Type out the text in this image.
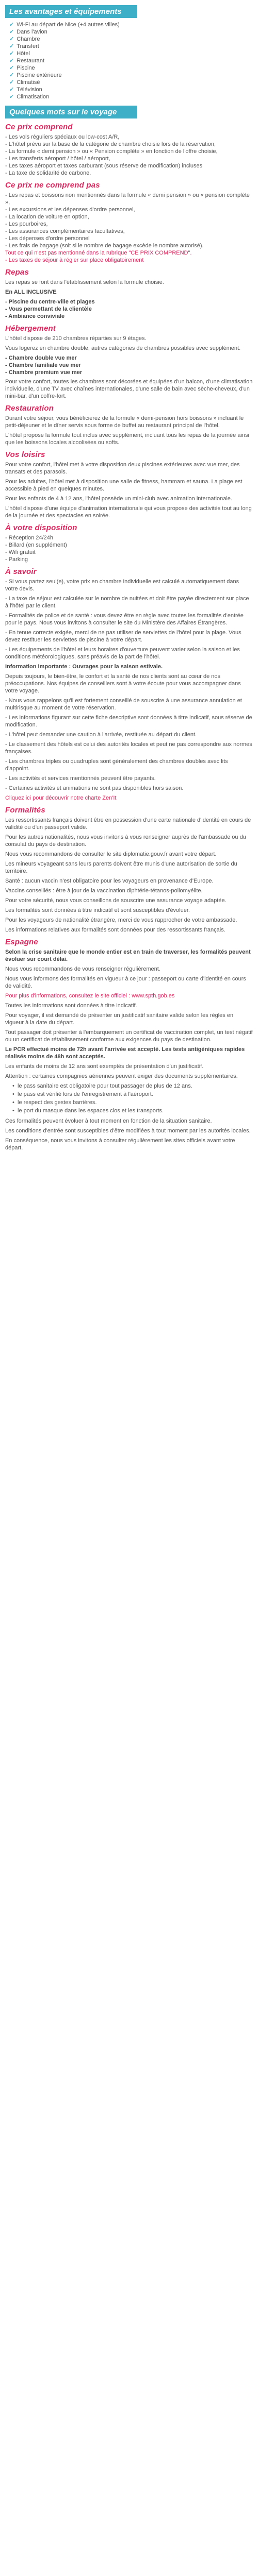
Les avantages et équipements
✓ Wi-Fi au départ de Nice (+4 autres villes)
✓ Dans l'avion
✓ Chambre
✓ Transfert
✓ Hôtel
✓ Restaurant
✓ Piscine
✓ Piscine extérieure
✓ Climatisé
✓ Télévision
✓ Climatisation
Quelques mots sur le voyage
Ce prix comprend

- Les vols réguliers spéciaux ou low-cost A/R,

- L'hôtel prévu sur la base de la catégorie de chambre choisie lors de la réservation,

- La formule « demi pension » ou « Pension complète » en fonction de l'offre choisie,

- Les transferts aéroport / hôtel / aéroport,

- Les taxes aéroport et taxes carburant (sous réserve de modification) incluses

- La taxe de solidarité de carbone.

Ce prix ne comprend pas

- Les repas et boissons non mentionnés dans la formule « demi pension » ou « pension complète »,

- Les excursions et les dépenses d'ordre personnel,

- La location de voiture en option,

- Les pourboires,

- Les assurances complémentaires facultatives,

- Les dépenses d'ordre personnel

- Les frais de bagage (soit si le nombre de bagage excède le nombre autorisé).

Tout ce qui n'est pas mentionné dans la rubrique "CE PRIX COMPREND".

- Les taxes de séjour à régler sur place obligatoirement

Repas

Les repas se font dans l'établissement selon la formule choisie.

En ALL INCLUSIVE

- Piscine du centre-ville et plages

- Vous permettant de la clientèle

- Ambiance conviviale

Hébergement

L'hôtel dispose de 210 chambres réparties sur 9 étages.

Vous logerez en chambre double, autres catégories de chambres possibles avec supplément.

- Chambre double vue mer

- Chambre familiale vue mer

- Chambre premium vue mer

Pour votre confort, toutes les chambres sont décorées et équipées d'un balcon, d'une climatisation individuelle, d'une TV avec chaînes internationales, d'une salle de bain avec sèche-cheveux, d'un mini-bar, d'un coffre-fort.

Restauration

Durant votre séjour, vous bénéficierez de la formule « demi-pension hors boissons » incluant le petit-déjeuner et le dîner servis sous forme de buffet au restaurant principal de l'hôtel.

L'hôtel propose la formule tout inclus avec supplément, incluant tous les repas de la journée ainsi que les boissons locales alcoolisées ou softs.

Vos loisirs

Pour votre confort, l'hôtel met à votre disposition deux piscines extérieures avec vue mer, des transats et des parasols.

Pour les adultes, l'hôtel met à disposition une salle de fitness, hammam et sauna. La plage est accessible à pied en quelques minutes.

Pour les enfants de 4 à 12 ans, l'hôtel possède un mini-club avec animation internationale.

L'hôtel dispose d'une équipe d'animation internationale qui vous propose des activités tout au long de la journée et des spectacles en soirée.

À votre disposition

- Réception 24/24h

- Billard (en supplément)

- Wifi gratuit

- Parking

À savoir

- Si vous partez seul(e), votre prix en chambre individuelle est calculé automatiquement dans votre devis.

- La taxe de séjour est calculée sur le nombre de nuitées et doit être payée directement sur place à l'hôtel par le client.

- Formalités de police et de santé : vous devez être en règle avec toutes les formalités d'entrée pour le pays. Nous vous invitons à consulter le site du Ministère des Affaires Étrangères.

- En tenue correcte exigée, merci de ne pas utiliser de serviettes de l'hôtel pour la plage. Vous devez restituer les serviettes de piscine à votre départ.

- Les équipements de l'hôtel et leurs horaires d'ouverture peuvent varier selon la saison et les conditions météorologiques, sans préavis de la part de l'hôtel.

Information importante : Ouvrages pour la saison estivale.

Depuis toujours, le bien-être, le confort et la santé de nos clients sont au cœur de nos préoccupations. Nos équipes de conseillers sont à votre écoute pour vous accompagner dans votre voyage.

- Nous vous rappelons qu'il est fortement conseillé de souscrire à une assurance annulation et multirisque au moment de votre réservation.

- Les informations figurant sur cette fiche descriptive sont données à titre indicatif, sous réserve de modification.

- L'hôtel peut demander une caution à l'arrivée, restituée au départ du client.

- Le classement des hôtels est celui des autorités locales et peut ne pas correspondre aux normes françaises.

- Les chambres triples ou quadruples sont généralement des chambres doubles avec lits d'appoint.

- Les activités et services mentionnés peuvent être payants.

- Certaines activités et animations ne sont pas disponibles hors saison.

Cliquez ici pour découvrir notre charte Zen'It

Formalités

Les ressortissants français doivent être en possession d'une carte nationale d'identité en cours de validité ou d'un passeport valide.

Pour les autres nationalités, nous vous invitons à vous renseigner auprès de l'ambassade ou du consulat du pays de destination.

Nous vous recommandons de consulter le site diplomatie.gouv.fr avant votre départ.

Les mineurs voyageant sans leurs parents doivent être munis d'une autorisation de sortie du territoire.

Santé : aucun vaccin n'est obligatoire pour les voyageurs en provenance d'Europe.

Vaccins conseillés : être à jour de la vaccination diphtérie-tétanos-poliomyélite.

Pour votre sécurité, nous vous conseillons de souscrire une assurance voyage adaptée.

Les formalités sont données à titre indicatif et sont susceptibles d'évoluer.

Pour les voyageurs de nationalité étrangère, merci de vous rapprocher de votre ambassade.

Les informations relatives aux formalités sont données pour des ressortissants français.

Espagne

Selon la crise sanitaire que le monde entier est en train de traverser, les formalités peuvent évoluer sur court délai.

Nous vous recommandons de vous renseigner régulièrement.

Nous vous informons des formalités en vigueur à ce jour : passeport ou carte d'identité en cours de validité.

Pour plus d'informations, consultez le site officiel : www.spth.gob.es

Toutes les informations sont données à titre indicatif.

Pour voyager, il est demandé de présenter un justificatif sanitaire valide selon les règles en vigueur à la date du départ.

Tout passager doit présenter à l'embarquement un certificat de vaccination complet, un test négatif ou un certificat de rétablissement conforme aux exigences du pays de destination.

Le PCR effectué moins de 72h avant l'arrivée est accepté. Les tests antigéniques rapides réalisés moins de 48h sont acceptés.

Les enfants de moins de 12 ans sont exemptés de présentation d'un justificatif.

Attention : certaines compagnies aériennes peuvent exiger des documents supplémentaires.

• le pass sanitaire est obligatoire pour tout passager de plus de 12 ans.
• le pass est vérifié lors de l'enregistrement à l'aéroport.
• le respect des gestes barrières.
• le port du masque dans les espaces clos et les transports.

Ces formalités peuvent évoluer à tout moment en fonction de la situation sanitaire.

Les conditions d'entrée sont susceptibles d'être modifiées à tout moment par les autorités locales.

En conséquence, nous vous invitons à consulter régulièrement les sites officiels avant votre départ.
